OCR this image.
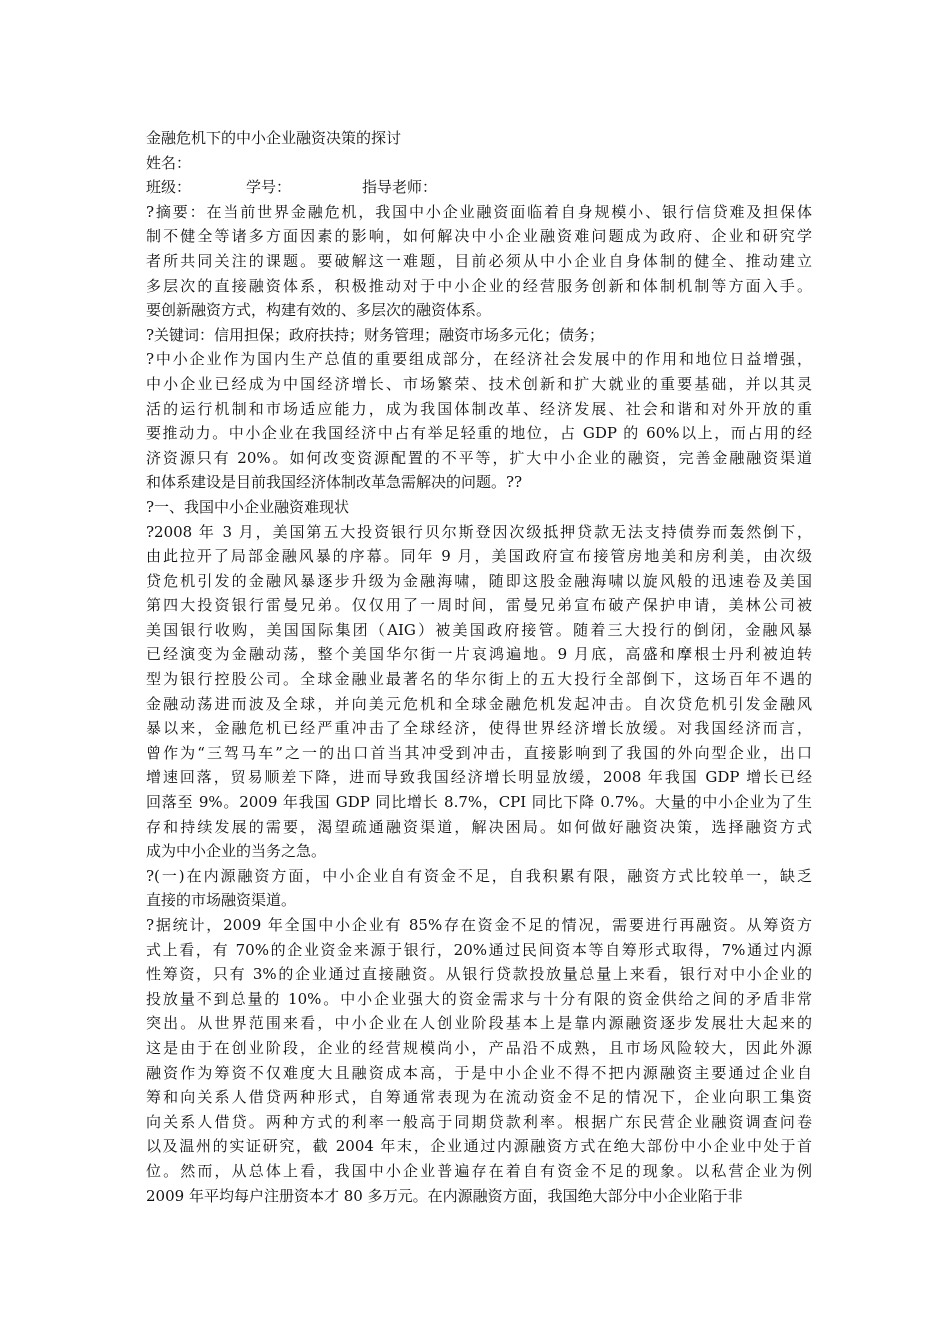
金融危机下的中小企业融资决策的探讨
姓名：
班级：	学号：	指导老师：
?摘要：在当前世界金融危机，我国中小企业融资面临着自身规模小、银行信贷难及担保体
制不健全等诸多方面因素的影响，如何解决中小企业融资难问题成为政府、企业和研究学
者所共同关注的课题。要破解这一难题，目前必须从中小企业自身体制的健全、推动建立
多层次的直接融资体系，积极推动对于中小企业的经营服务创新和体制机制等方面入手。
要创新融资方式，构建有效的、多层次的融资体系。
?关键词：信用担保；政府扶持；财务管理；融资市场多元化；债务；
?中小企业作为国内生产总值的重要组成部分，在经济社会发展中的作用和地位日益增强，
中小企业已经成为中国经济增长、市场繁荣、技术创新和扩大就业的重要基础，并以其灵
活的运行机制和市场适应能力，成为我国体制改革、经济发展、社会和谐和对外开放的重
要推动力。中小企业在我国经济中占有举足轻重的地位，占 GDP 的 60%以上，而占用的经
济资源只有 20%。如何改变资源配置的不平等，扩大中小企业的融资，完善金融融资渠道
和体系建设是目前我国经济体制改革急需解决的问题。??
?一、我国中小企业融资难现状
?2008 年 3 月，美国第五大投资银行贝尔斯登因次级抵押贷款无法支持债券而轰然倒下，
由此拉开了局部金融风暴的序幕。同年 9 月，美国政府宣布接管房地美和房利美，由次级
贷危机引发的金融风暴逐步升级为金融海啸，随即这股金融海啸以旋风般的迅速卷及美国
第四大投资银行雷曼兄弟。仅仅用了一周时间，雷曼兄弟宣布破产保护申请，美林公司被
美国银行收购，美国国际集团（AIG）被美国政府接管。随着三大投行的倒闭，金融风暴
已经演变为金融动荡，整个美国华尔街一片哀鸿遍地。9 月底，高盛和摩根士丹利被迫转
型为银行控股公司。全球金融业最著名的华尔街上的五大投行全部倒下，这场百年不遇的
金融动荡进而波及全球，并向美元危机和全球金融危机发起冲击。自次贷危机引发金融风
暴以来，金融危机已经严重冲击了全球经济，使得世界经济增长放缓。对我国经济而言，
曾作为“三驾马车”之一的出口首当其冲受到冲击，直接影响到了我国的外向型企业，出口
增速回落，贸易顺差下降，进而导致我国经济增长明显放缓，2008 年我国 GDP 增长已经
回落至 9%。2009 年我国 GDP 同比增长 8.7%，CPI 同比下降 0.7%。大量的中小企业为了生
存和持续发展的需要，渴望疏通融资渠道，解决困局。如何做好融资决策，选择融资方式
成为中小企业的当务之急。
?(一)在内源融资方面，中小企业自有资金不足，自我积累有限，融资方式比较单一，缺乏
直接的市场融资渠道。
?据统计，2009 年全国中小企业有 85%存在资金不足的情况，需要进行再融资。从筹资方
式上看，有 70%的企业资金来源于银行，20%通过民间资本等自筹形式取得，7%通过内源
性筹资，只有 3%的企业通过直接融资。从银行贷款投放量总量上来看，银行对中小企业的
投放量不到总量的 10%。中小企业强大的资金需求与十分有限的资金供给之间的矛盾非常
突出。从世界范围来看，中小企业在人创业阶段基本上是靠内源融资逐步发展壮大起来的
这是由于在创业阶段，企业的经营规模尚小，产品沿不成熟，且市场风险较大，因此外源
融资作为筹资不仅难度大且融资成本高，于是中小企业不得不把内源融资主要通过企业自
筹和向关系人借贷两种形式，自筹通常表现为在流动资金不足的情况下，企业向职工集资
向关系人借贷。两种方式的利率一般高于同期贷款利率。根据广东民营企业融资调查问卷
以及温州的实证研究，截 2004 年末，企业通过内源融资方式在绝大部份中小企业中处于首
位。然而，从总体上看，我国中小企业普遍存在着自有资金不足的现象。以私营企业为例
2009 年平均每户注册资本才 80 多万元。在内源融资方面，我国绝大部分中小企业陷于非
